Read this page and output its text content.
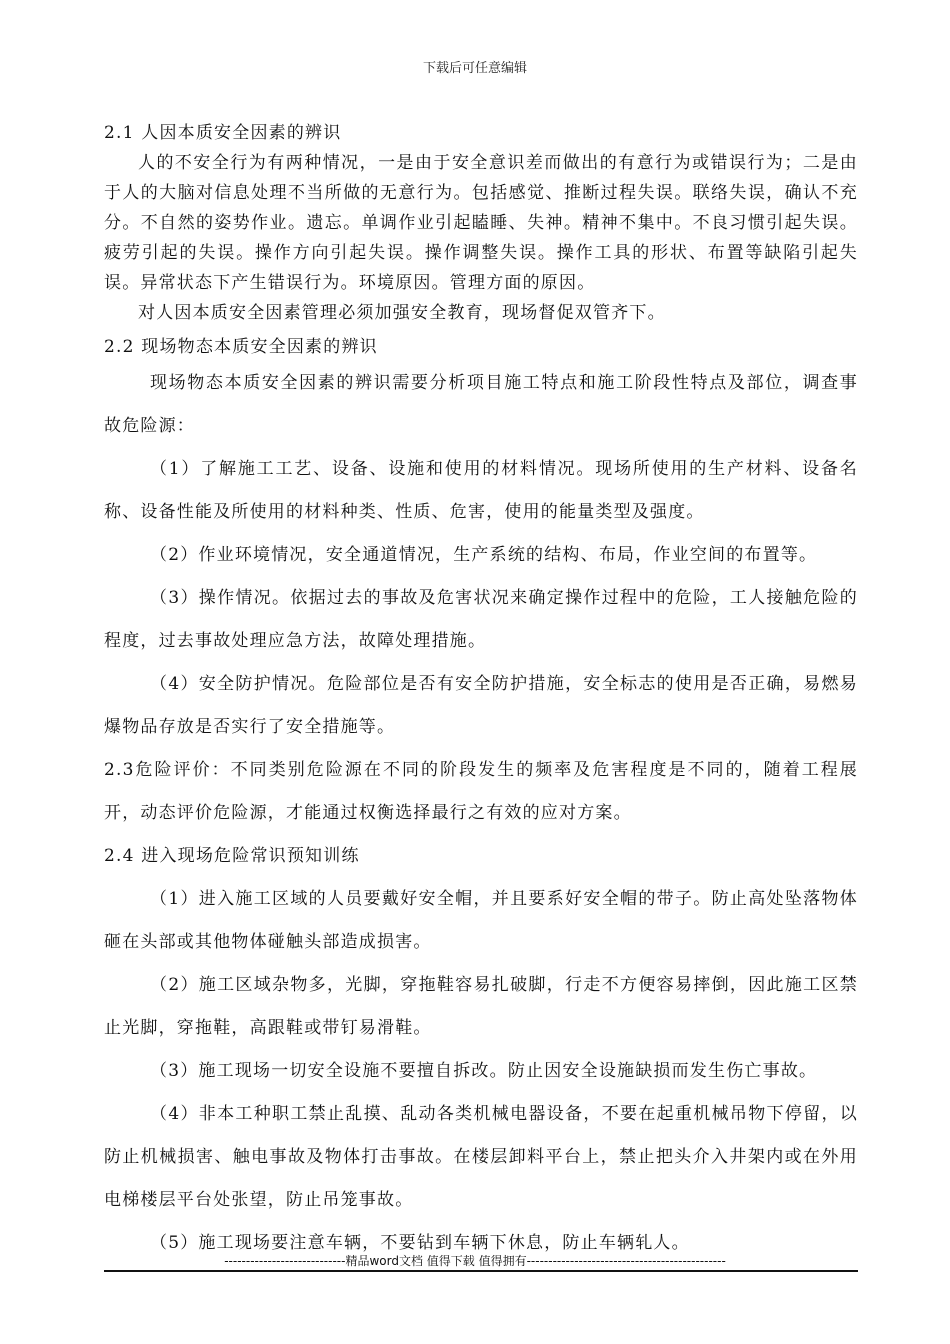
下载后可任意编辑

2.1 人因本质安全因素的辨识

人的不安全行为有两种情况，一是由于安全意识差而做出的有意行为或错误行为；二是由于人的大脑对信息处理不当所做的无意行为。包括感觉、推断过程失误。联络失误，确认不充分。不自然的姿势作业。遗忘。单调作业引起瞌睡、失神。精神不集中。不良习惯引起失误。疲劳引起的失误。操作方向引起失误。操作调整失误。操作工具的形状、布置等缺陷引起失误。异常状态下产生错误行为。环境原因。管理方面的原因。

对人因本质安全因素管理必须加强安全教育，现场督促双管齐下。

2.2 现场物态本质安全因素的辨识

现场物态本质安全因素的辨识需要分析项目施工特点和施工阶段性特点及部位，调查事故危险源：

（1）了解施工工艺、设备、设施和使用的材料情况。现场所使用的生产材料、设备名称、设备性能及所使用的材料种类、性质、危害，使用的能量类型及强度。

（2）作业环境情况，安全通道情况，生产系统的结构、布局，作业空间的布置等。

（3）操作情况。依据过去的事故及危害状况来确定操作过程中的危险，工人接触危险的程度，过去事故处理应急方法，故障处理措施。

（4）安全防护情况。危险部位是否有安全防护措施，安全标志的使用是否正确，易燃易爆物品存放是否实行了安全措施等。

2.3危险评价：不同类别危险源在不同的阶段发生的频率及危害程度是不同的，随着工程展开，动态评价危险源，才能通过权衡选择最行之有效的应对方案。

2.4 进入现场危险常识预知训练

（1）进入施工区域的人员要戴好安全帽，并且要系好安全帽的带子。防止高处坠落物体砸在头部或其他物体碰触头部造成损害。

（2）施工区域杂物多，光脚，穿拖鞋容易扎破脚，行走不方便容易摔倒，因此施工区禁止光脚，穿拖鞋，高跟鞋或带钉易滑鞋。

（3）施工现场一切安全设施不要擅自拆改。防止因安全设施缺损而发生伤亡事故。

（4）非本工种职工禁止乱摸、乱动各类机械电器设备，不要在起重机械吊物下停留，以防止机械损害、触电事故及物体打击事故。在楼层卸料平台上，禁止把头介入井架内或在外用电梯楼层平台处张望，防止吊笼事故。

（5）施工现场要注意车辆，不要钻到车辆下休息，防止车辆轧人。

----------------------------精品word文档 值得下载 值得拥有----------------------------------------------
